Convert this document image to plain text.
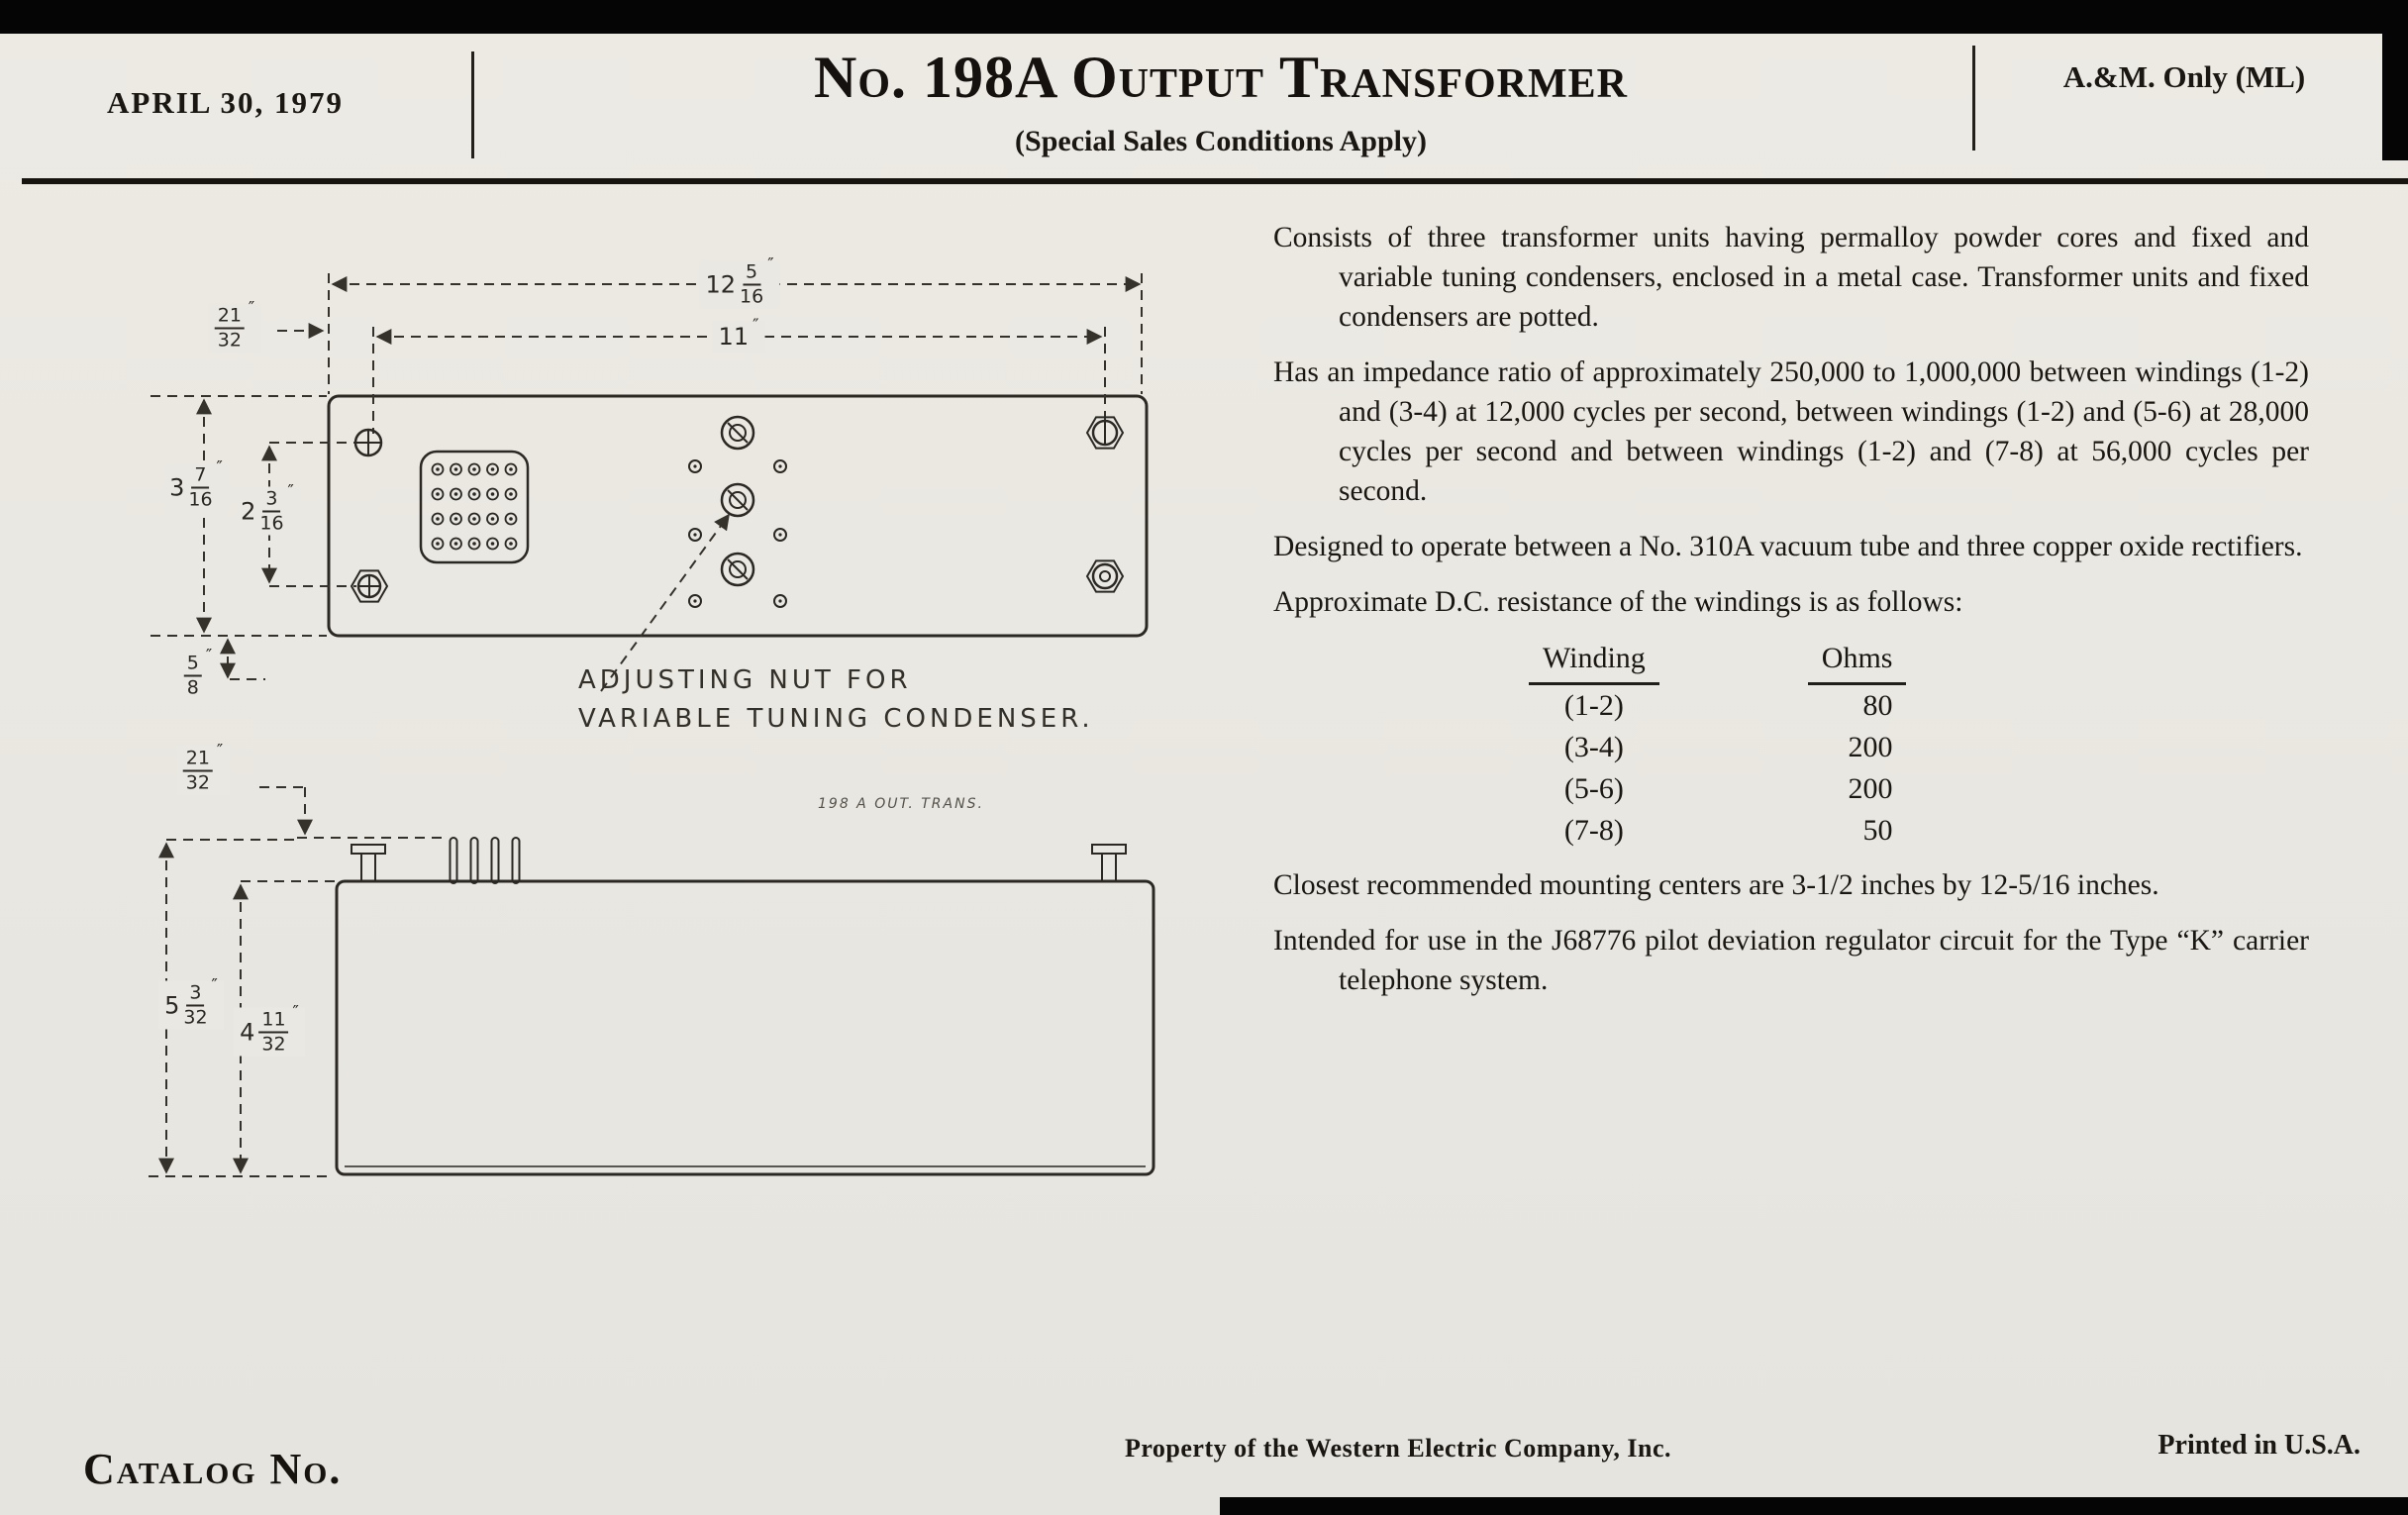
APRIL 30, 1979	No. 198A Output Transformer
(Special Sales Conditions Apply)
A.&M. Only (ML)
$12 \frac{5}{16}$ ″
11 ″
$\frac{21}{32}$ ″
$3 \frac{7}{16}$ ″
$2 \frac{3}{16}$ ″
$\frac{5}{8}$ ″
$\frac{21}{32}$ ″
$5 \frac{3}{32}$ ″
$4 \frac{11}{32}$ ″
ADJUSTING NUT FOR
VARIABLE TUNING CONDENSER.
198 A OUT. TRANS.

Consists of three transformer units having permalloy powder cores and fixed and variable tuning condensers, enclosed in a metal case. Transformer units and fixed condensers are potted.

Has an impedance ratio of approximately 250,000 to 1,000,000 between windings (1-2) and (3-4) at 12,000 cycles per second, between windings (1-2) and (5-6) at 28,000 cycles per second and between windings (1-2) and (7-8) at 56,000 cycles per second.

Designed to operate between a No. 310A vacuum tube and three copper oxide rectifiers.

Approximate D.C. resistance of the windings is as follows:

Winding	Ohms
(1-2)	80
(3-4)	200
(5-6)	200
(7-8)	50

Closest recommended mounting centers are 3-1/2 inches by 12-5/16 inches.

Intended for use in the J68776 pilot deviation regulator circuit for the Type “K” carrier telephone system.

Catalog No.	Property of the Western Electric Company, Inc.	Printed in U.S.A.
